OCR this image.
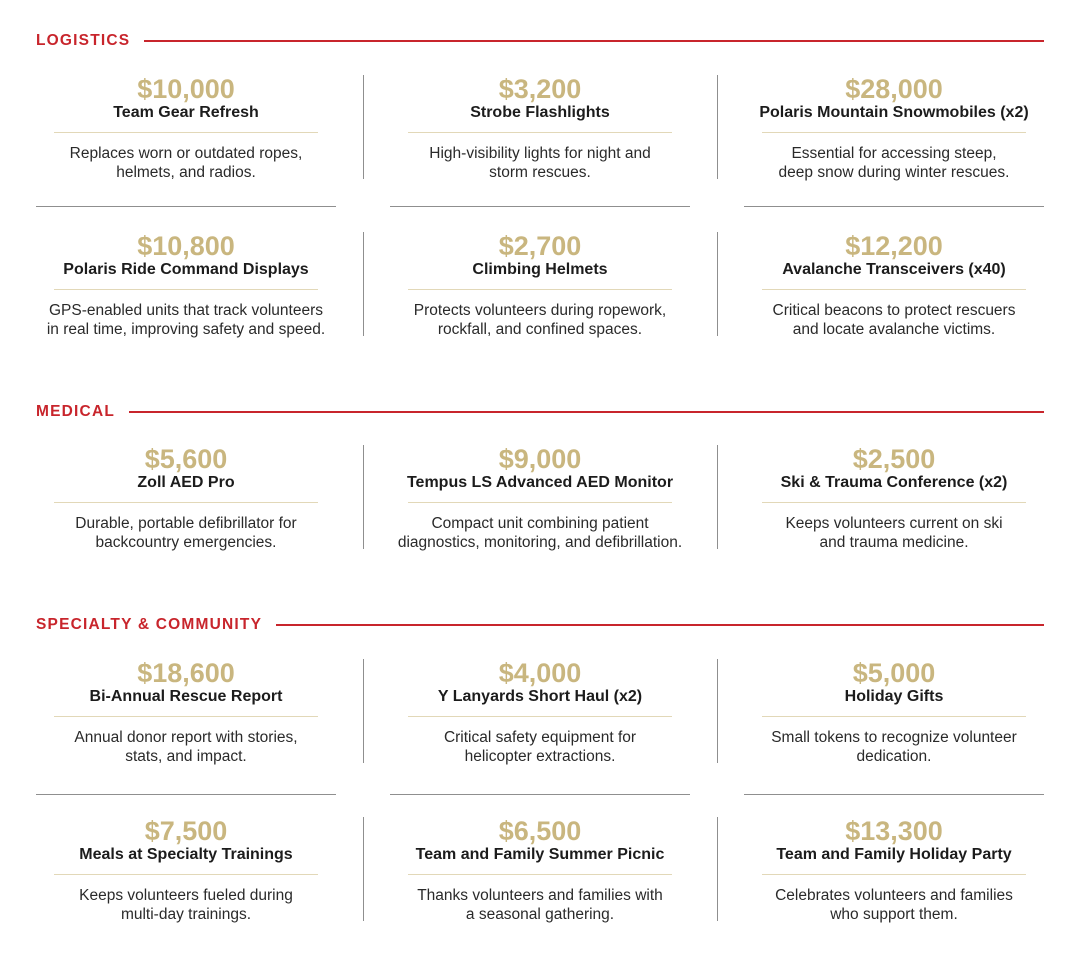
LOGISTICS
$10,000
Team Gear Refresh
Replaces worn or outdated ropes,
helmets, and radios.
$3,200
Strobe Flashlights
High-visibility lights for night and
storm rescues.
$28,000
Polaris Mountain Snowmobiles (x2)
Essential for accessing steep,
deep snow during winter rescues.
$10,800
Polaris Ride Command Displays
GPS-enabled units that track volunteers
in real time, improving safety and speed.
$2,700
Climbing Helmets
Protects volunteers during ropework,
rockfall, and confined spaces.
$12,200
Avalanche Transceivers (x40)
Critical beacons to protect rescuers
and locate avalanche victims.
MEDICAL
$5,600
Zoll AED Pro
Durable, portable defibrillator for
backcountry emergencies.
$9,000
Tempus LS Advanced AED Monitor
Compact unit combining patient
diagnostics, monitoring, and defibrillation.
$2,500
Ski & Trauma Conference (x2)
Keeps volunteers current on ski
and trauma medicine.
SPECIALTY & COMMUNITY
$18,600
Bi-Annual Rescue Report
Annual donor report with stories,
stats, and impact.
$4,000
Y Lanyards Short Haul (x2)
Critical safety equipment for
helicopter extractions.
$5,000
Holiday Gifts
Small tokens to recognize volunteer
dedication.
$7,500
Meals at Specialty Trainings
Keeps volunteers fueled during
multi-day trainings.
$6,500
Team and Family Summer Picnic
Thanks volunteers and families with
a seasonal gathering.
$13,300
Team and Family Holiday Party
Celebrates volunteers and families
who support them.
